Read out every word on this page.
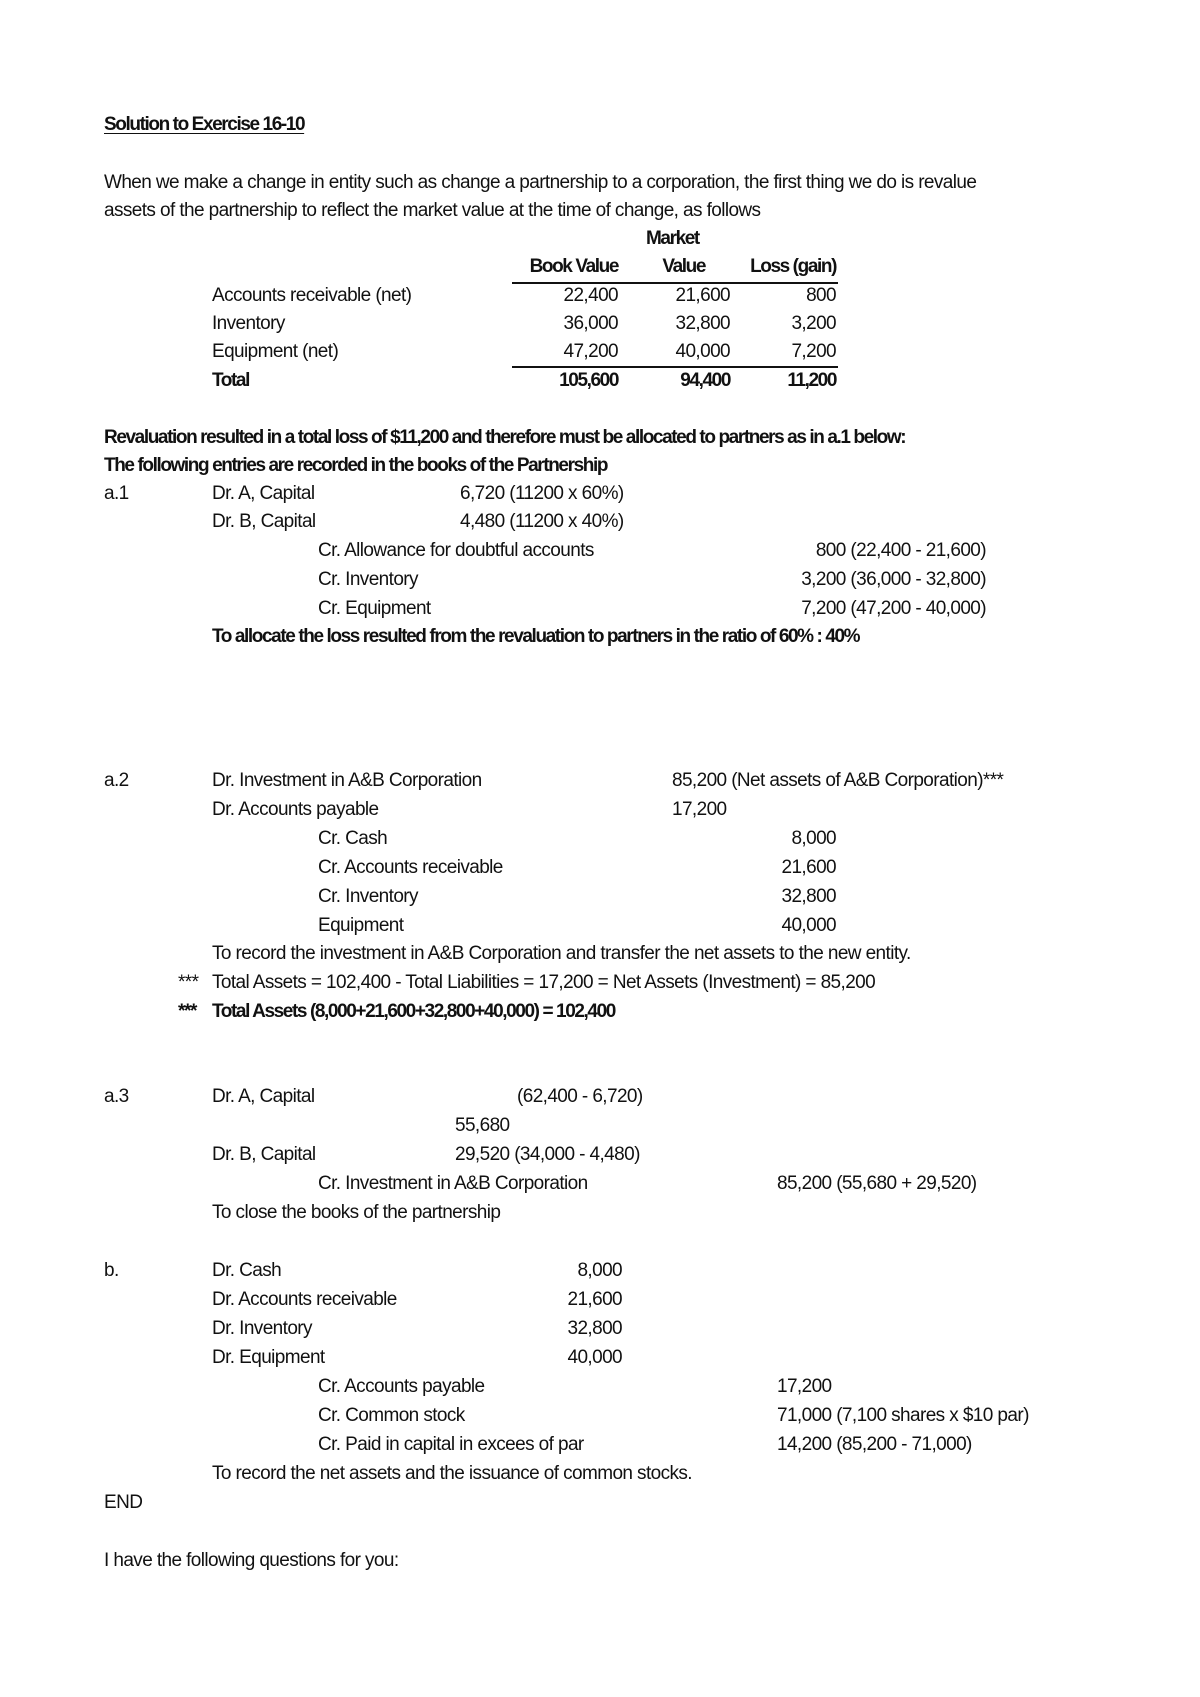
Solution to Exercise 16-10
When we make a change in entity such as change a partnership to a corporation, the first thing we do is revalue
assets of the partnership to reflect the market value at the time of change, as follows
Market
Book Value	Value	Loss (gain)
Accounts receivable (net)	22,400	21,600	800
Inventory	36,000	32,800	3,200
Equipment (net)	47,200	40,000	7,200
Total	105,600	94,400	11,200
Revaluation resulted in a total loss of $11,200 and therefore must be allocated to partners as in a.1 below:
The following entries are recorded in the books of the Partnership
a.1	Dr. A, Capital	6,720 (11200 x 60%)
Dr. B, Capital	4,480 (11200 x 40%)
Cr. Allowance for doubtful accounts	800 (22,400 - 21,600)
Cr. Inventory	3,200 (36,000 - 32,800)
Cr. Equipment	7,200 (47,200 - 40,000)
To allocate the loss resulted from the revaluation to partners in the ratio of 60% : 40%
a.2	Dr. Investment in A&B Corporation	85,200 (Net assets of A&B Corporation)***
Dr. Accounts payable	17,200
Cr. Cash	8,000
Cr. Accounts receivable	21,600
Cr. Inventory	32,800
Equipment	40,000
To record the investment in A&B Corporation and transfer the net assets to the new entity.
*** Total Assets = 102,400 - Total Liabilities = 17,200 = Net Assets (Investment) = 85,200
*** Total Assets (8,000+21,600+32,800+40,000) = 102,400
a.3	Dr. A, Capital	(62,400 - 6,720)
55,680
Dr. B, Capital	29,520 (34,000 - 4,480)
Cr. Investment in A&B Corporation	85,200 (55,680 + 29,520)
To close the books of the partnership
b.	Dr. Cash	8,000
Dr. Accounts receivable	21,600
Dr. Inventory	32,800
Dr. Equipment	40,000
Cr. Accounts payable	17,200
Cr. Common stock	71,000 (7,100 shares x $10 par)
Cr. Paid in capital in excees of par	14,200 (85,200 - 71,000)
To record the net assets and the issuance of common stocks.
END
I have the following questions for you:
